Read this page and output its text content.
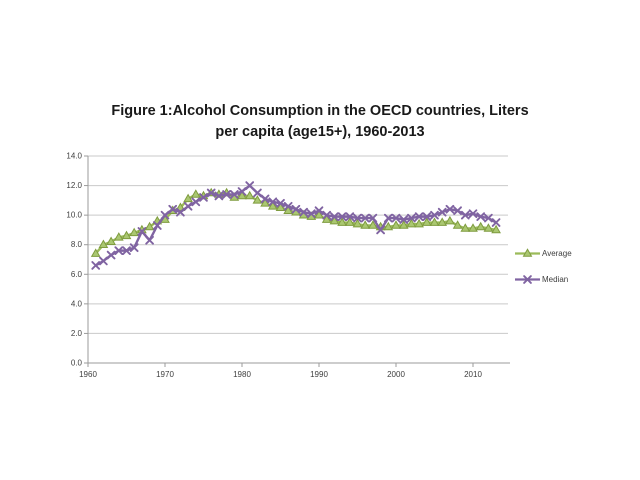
Figure 1:Alcohol Consumption in the OECD countries, Liters
per capita (age15+), 1960-2013
0.0
2.0
4.0
6.0
8.0
10.0
12.0
14.0
1960	1970	1980	1990	2000	2010
Average
Median
